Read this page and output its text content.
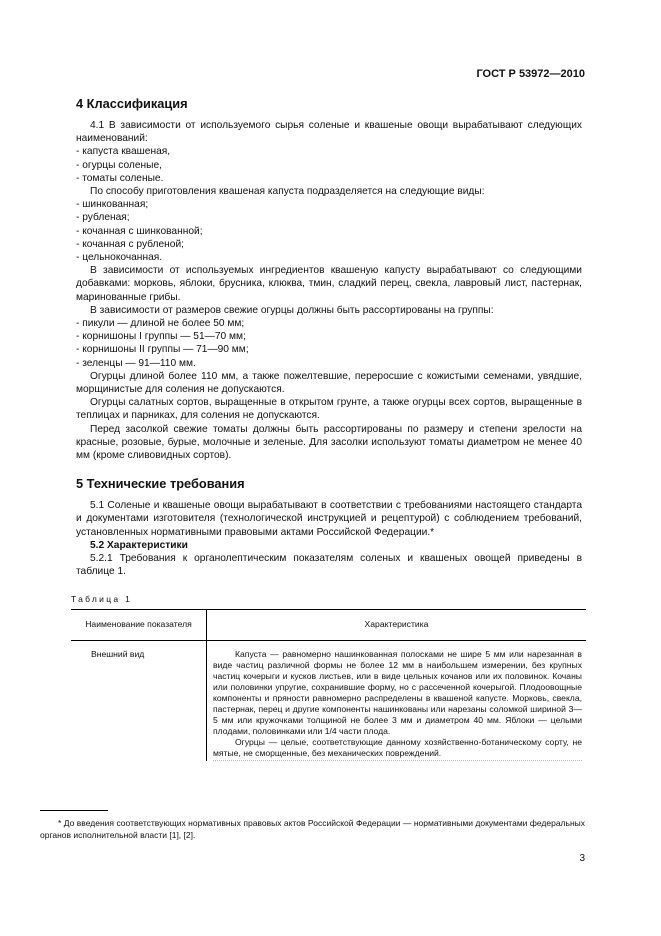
ГОСТ Р 53972—2010
4 Классификация

4.1 В зависимости от используемого сырья соленые и квашеные овощи вырабатывают следующих наименований:

- капуста квашеная,

- огурцы соленые,

- томаты соленые.

По способу приготовления квашеная капуста подразделяется на следующие виды:

- шинкованная;

- рубленая;

- кочанная с шинкованной;

- кочанная с рубленой;

- цельнокочанная.

В зависимости от используемых ингредиентов квашеную капусту вырабатывают со следующими добавками: морковь, яблоки, брусника, клюква, тмин, сладкий перец, свекла, лавровый лист, пастернак, маринованные грибы.

В зависимости от размеров свежие огурцы должны быть рассортированы на группы:

- пикули — длиной не более 50 мм;

- корнишоны I группы — 51—70 мм;

- корнишоны II группы — 71—90 мм;

- зеленцы — 91—110 мм.

Огурцы длиной более 110 мм, а также пожелтевшие, переросшие с кожистыми семенами, увядшие, морщинистые для соления не допускаются.

Огурцы салатных сортов, выращенные в открытом грунте, а также огурцы всех сортов, выращенные в теплицах и парниках, для соления не допускаются.

Перед засолкой свежие томаты должны быть рассортированы по размеру и степени зрелости на красные, розовые, бурые, молочные и зеленые. Для засолки используют томаты диаметром не менее 40 мм (кроме сливовидных сортов).

5 Технические требования

5.1 Соленые и квашеные овощи вырабатывают в соответствии с требованиями настоящего стандарта и документами изготовителя (технологической инструкцией и рецептурой) с соблюдением требований, установленных нормативными правовыми актами Российской Федерации.*

5.2 Характеристики

5.2.1 Требования к органолептическим показателям соленых и квашеных овощей приведены в таблице 1.

Таблица 1
Наименование показателя	Характеристика
Внешний вид	Капуста — равномерно нашинкованная полосками не шире 5 мм или нарезанная в виде частиц различной формы не более 12 мм в наибольшем измерении, без крупных частиц кочерыги и кусков листьев, или в виде цельных кочанов или их половинок. Кочаны или половинки упругие, сохранившие форму, но с рассеченной кочерыгой. Плодоовощные компоненты и пряности равномерно распределены в квашеной капусте. Морковь, свекла, пастернак, перец и другие компоненты нашинкованы или нарезаны соломкой шириной 3—5 мм или кружочками толщиной не более 3 мм и диаметром 40 мм. Яблоки — целыми плодами, половинками или 1/4 части плода.

Огурцы — целые, соответствующие данному хозяйственно-ботаническому сорту, не мятые, не сморщенные, без механических повреждений.

* До введения соответствующих нормативных правовых актов Российской Федерации — нормативными документами федеральных органов исполнительной власти [1], [2].
3
